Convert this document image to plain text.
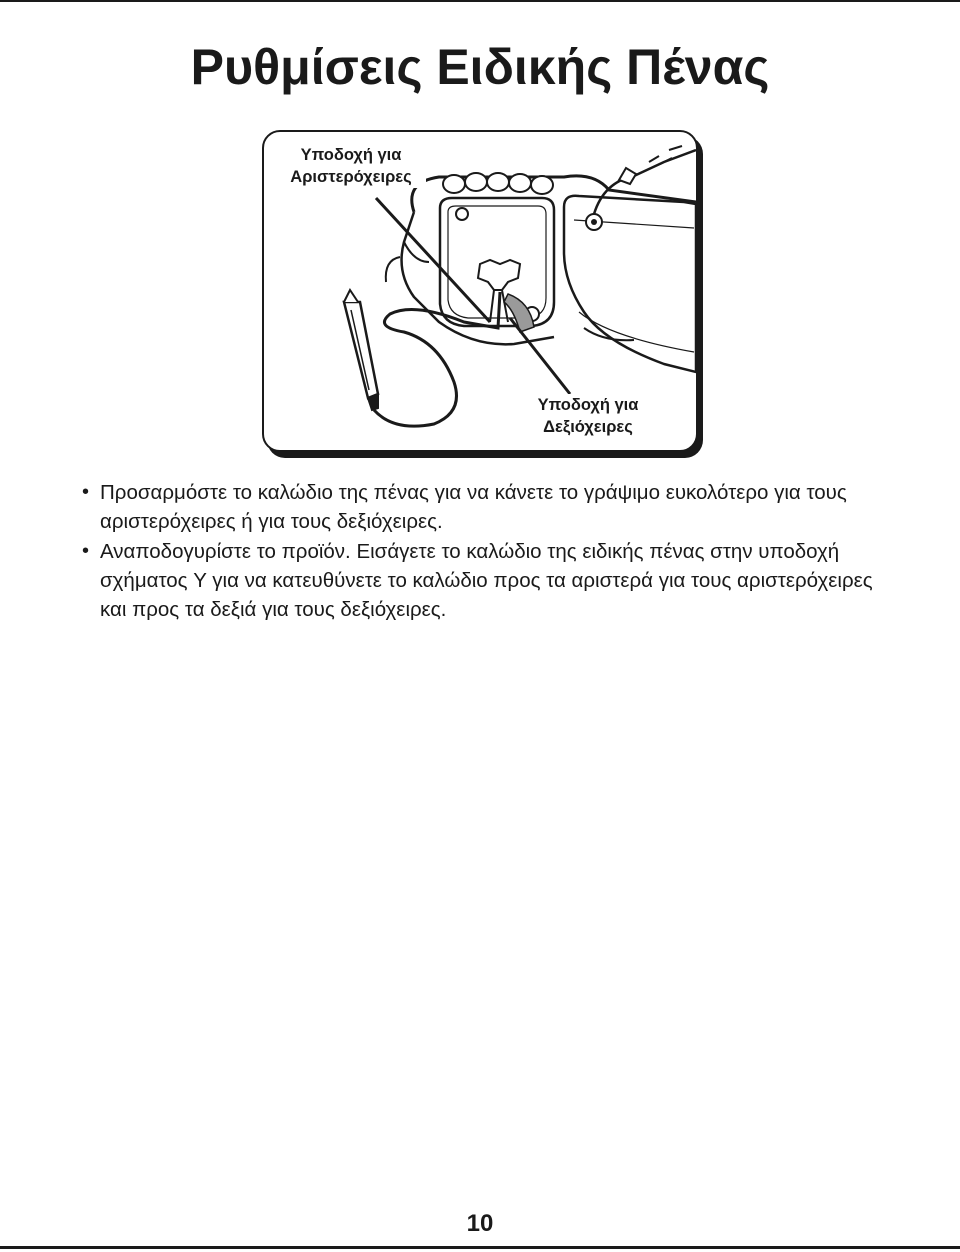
Ρυθμίσεις Ειδικής Πένας
Υποδοχή για
Αριστερόχειρες
Υποδοχή για
Δεξιόχειρες
• Προσαρμόστε το καλώδιο της πένας για να κάνετε το γράψιμο ευκολότερο για τους αριστερόχειρες ή για τους δεξιόχειρες.
• Αναποδογυρίστε το προϊόν. Εισάγετε το καλώδιο της ειδικής πένας στην υποδοχή σχήματος Y για να κατευθύνετε το καλώδιο προς τα αριστερά για τους αριστερόχειρες και προς τα δεξιά για τους δεξιόχειρες.
10
